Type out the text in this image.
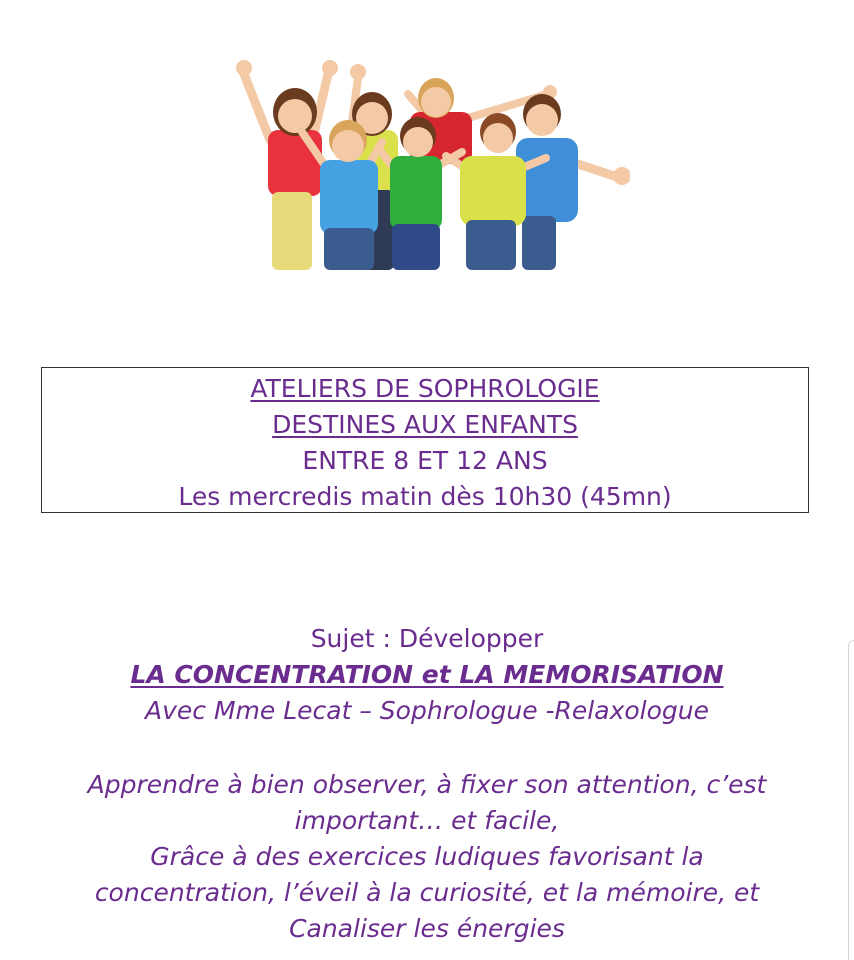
ATELIERS DE SOPHROLOGIE
DESTINES AUX ENFANTS
ENTRE 8 ET 12 ANS
Les mercredis matin dès 10h30 (45mn)
Sujet : Développer
LA CONCENTRATION et LA MEMORISATION
Avec Mme Lecat – Sophrologue -Relaxologue
Apprendre à bien observer, à fixer son attention, c’est
important… et facile,
Grâce à des exercices ludiques favorisant la
concentration, l’éveil à la curiosité, et la mémoire, et
Canaliser les énergies
